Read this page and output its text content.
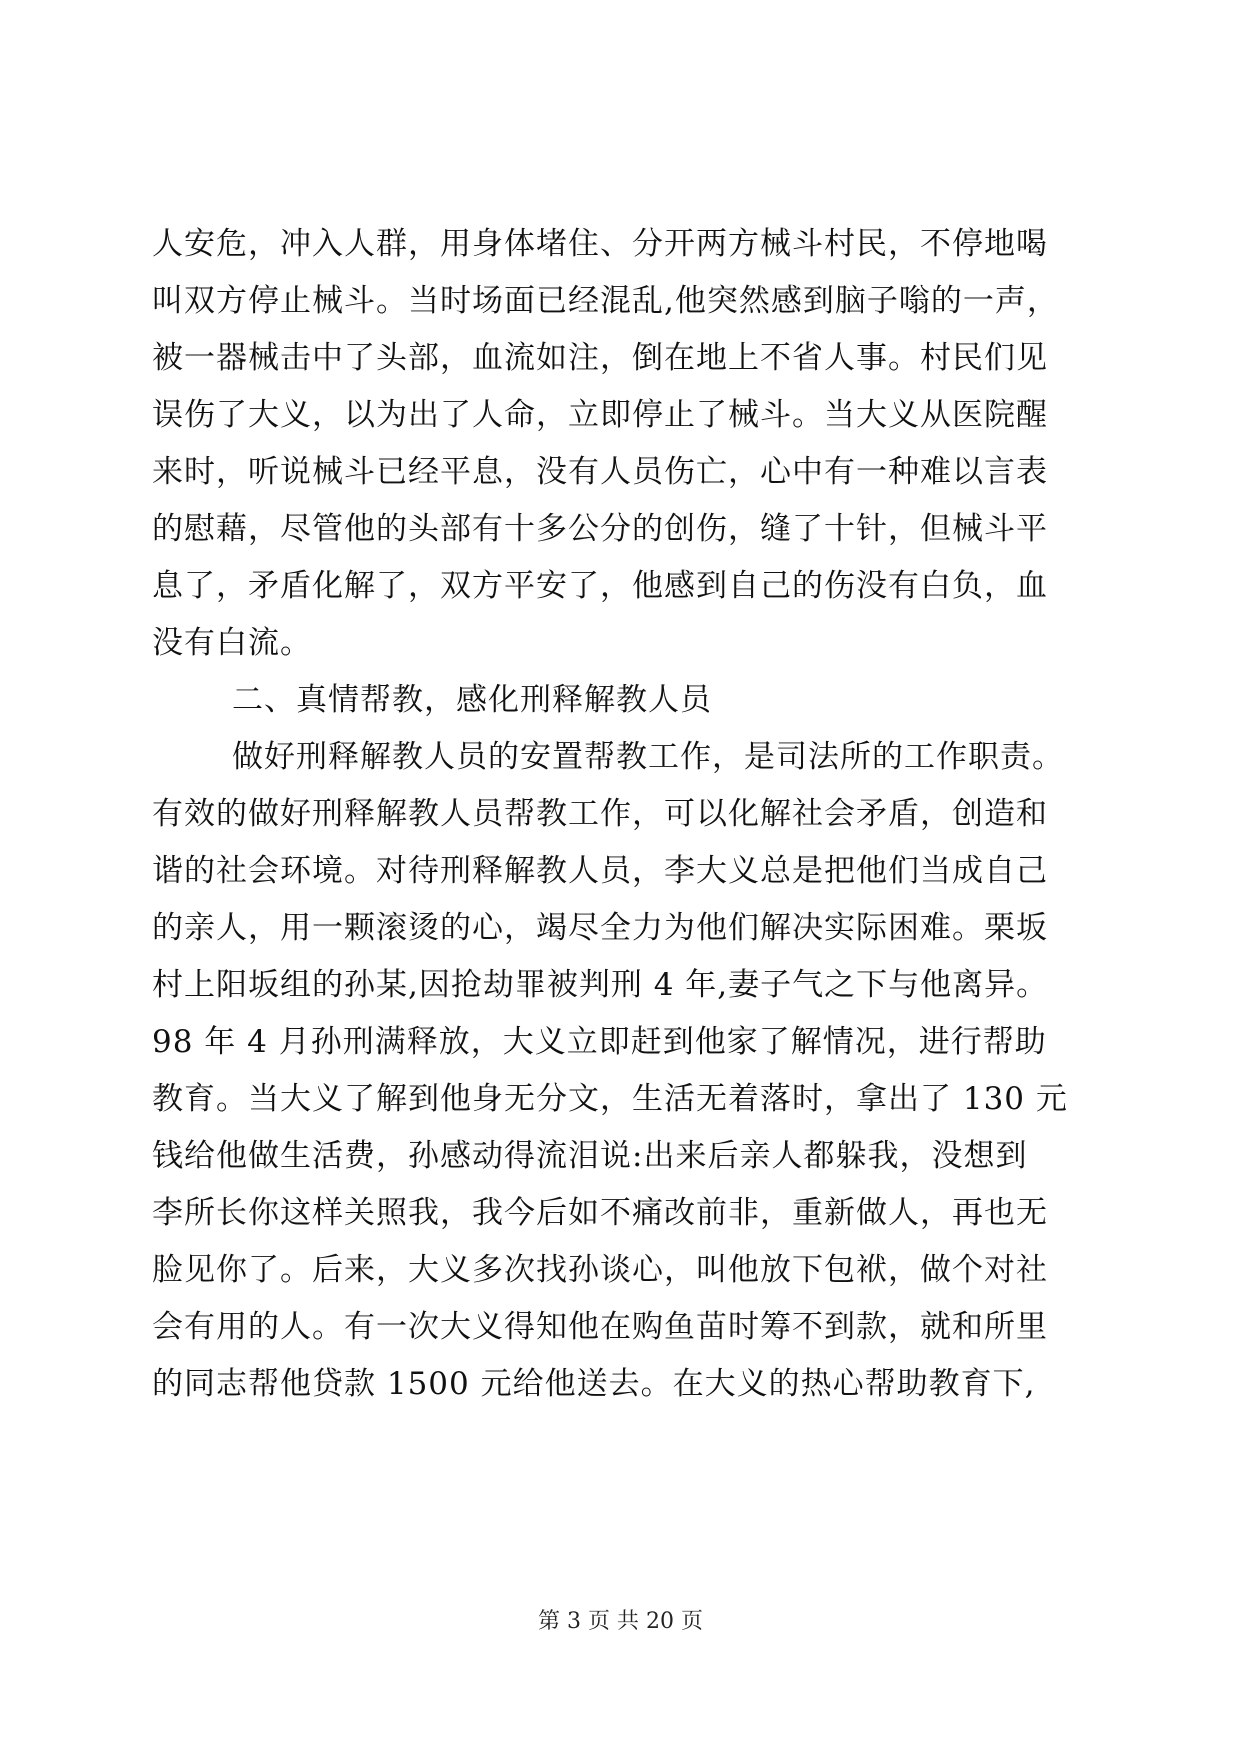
人安危，冲入人群，用身体堵住、分开两方械斗村民，不停地喝
叫双方停止械斗。当时场面已经混乱,他突然感到脑子嗡的一声，
被一器械击中了头部，血流如注，倒在地上不省人事。村民们见
误伤了大义，以为出了人命，立即停止了械斗。当大义从医院醒
来时，听说械斗已经平息，没有人员伤亡，心中有一种难以言表
的慰藉，尽管他的头部有十多公分的创伤，缝了十针，但械斗平
息了，矛盾化解了，双方平安了，他感到自己的伤没有白负，血
没有白流。
二、真情帮教，感化刑释解教人员
做好刑释解教人员的安置帮教工作，是司法所的工作职责。
有效的做好刑释解教人员帮教工作，可以化解社会矛盾，创造和
谐的社会环境。对待刑释解教人员，李大义总是把他们当成自己
的亲人，用一颗滚烫的心，竭尽全力为他们解决实际困难。栗坂
村上阳坂组的孙某,因抢劫罪被判刑 4 年,妻子气之下与他离异。
98 年 4 月孙刑满释放，大义立即赶到他家了解情况，进行帮助
教育。当大义了解到他身无分文，生活无着落时，拿出了 130 元
钱给他做生活费，孙感动得流泪说:出来后亲人都躲我，没想到
李所长你这样关照我，我今后如不痛改前非，重新做人，再也无
脸见你了。后来，大义多次找孙谈心，叫他放下包袱，做个对社
会有用的人。有一次大义得知他在购鱼苗时筹不到款，就和所里
的同志帮他贷款 1500 元给他送去。在大义的热心帮助教育下,
第 3 页 共 20 页
